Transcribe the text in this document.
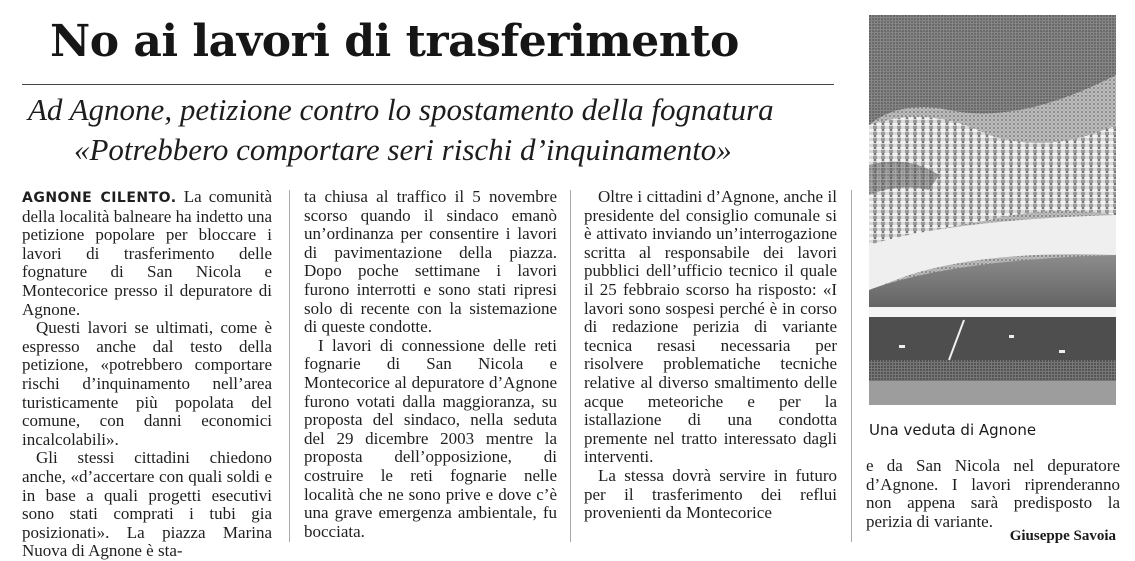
No ai lavori di trasferimento
Ad Agnone, petizione contro lo spostamento della fognatura
«Potrebbero comportare seri rischi d’inquinamento»

AGNONE CILENTO. La comunità della località balneare ha indetto una petizione popolare per bloccare i lavori di trasferimento delle fognature di San Nicola e Montecorice presso il depuratore di Agnone.

Questi lavori se ultimati, come è espresso anche dal testo della petizione, «potrebbero comportare rischi d’inquinamento nell’area turisticamente più popolata del comune, con danni economici incalcolabili».

Gli stessi cittadini chiedono anche, «d’accertare con quali soldi e in base a quali progetti esecutivi sono stati comprati i tubi gia posizionati». La piazza Marina Nuova di Agnone è sta-

ta chiusa al traffico il 5 novembre scorso quando il sindaco emanò un’ordinanza per consentire i lavori di pavimentazione della piazza. Dopo poche settimane i lavori furono interrotti e sono stati ripresi solo di recente con la sistemazione di queste condotte.

I lavori di connessione delle reti fognarie di San Nicola e Montecorice al depuratore d’Agnone furono votati dalla maggioranza, su proposta del sindaco, nella seduta del 29 dicembre 2003 mentre la proposta dell’opposizione, di costruire le reti fognarie nelle località che ne sono prive e dove c’è una grave emergenza ambientale, fu bocciata.

Oltre i cittadini d’Agnone, anche il presidente del consiglio comunale si è attivato inviando un’interrogazione scritta al responsabile dei lavori pubblici dell’ufficio tecnico il quale il 25 febbraio scorso ha risposto: «I lavori sono sospesi perché è in corso di redazione perizia di variante tecnica resasi necessaria per risolvere problematiche tecniche relative al diverso smaltimento delle acque meteoriche e per la istallazione di una condotta premente nel tratto interessato dagli interventi.

La stessa dovrà servire in futuro per il trasferimento dei reflui provenienti da Montecorice

Una veduta di Agnone

e da San Nicola nel depuratore d’Agnone. I lavori riprenderanno non appena sarà predisposto la perizia di variante.

Giuseppe Savoia
